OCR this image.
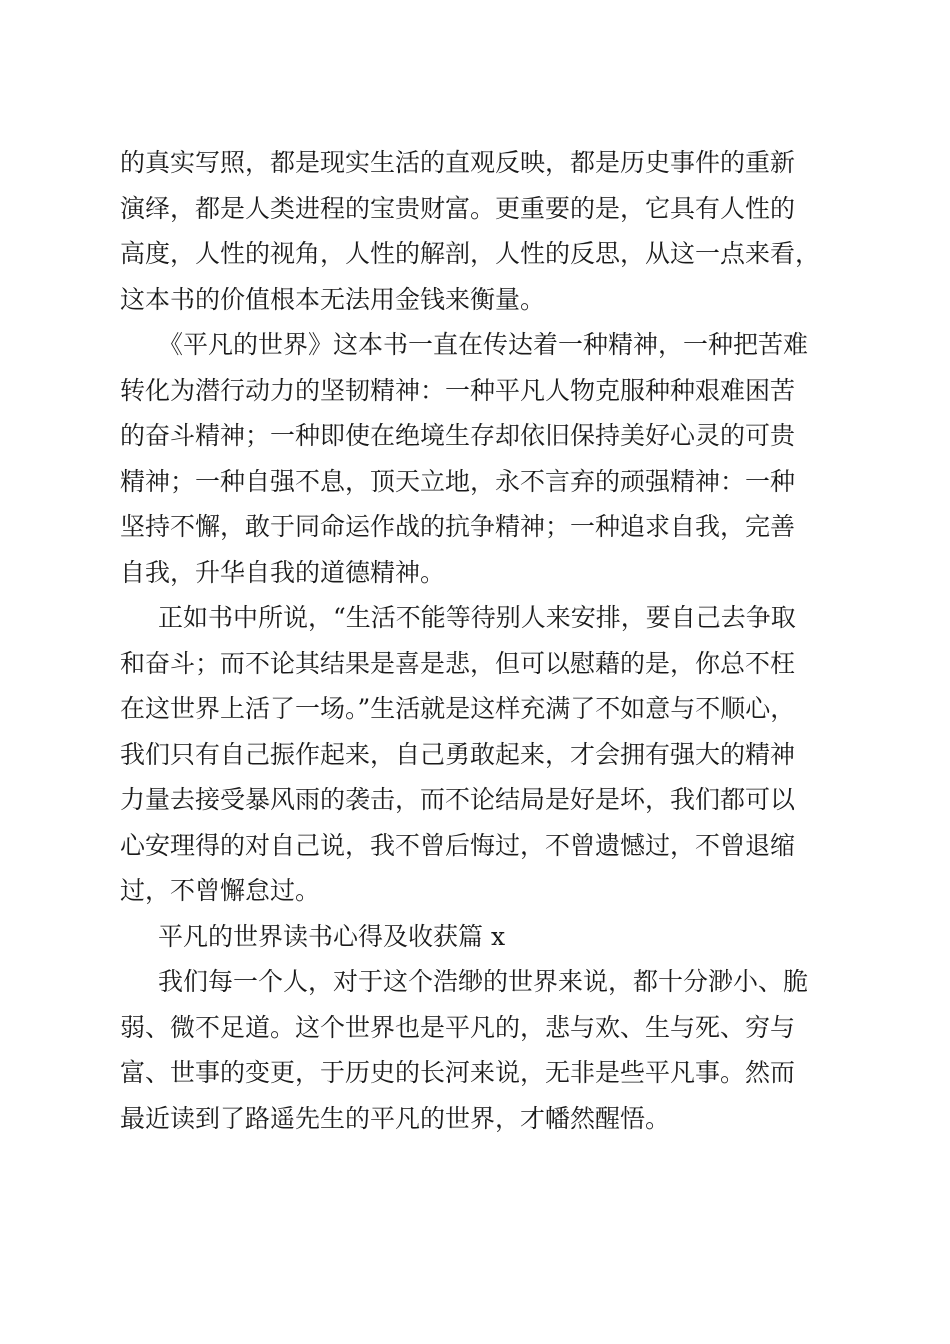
的真实写照，都是现实生活的直观反映，都是历史事件的重新
演绎，都是人类进程的宝贵财富。更重要的是，它具有人性的
高度，人性的视角，人性的解剖，人性的反思，从这一点来看，
这本书的价值根本无法用金钱来衡量。
《平凡的世界》这本书一直在传达着一种精神，一种把苦难
转化为潜行动力的坚韧精神：一种平凡人物克服种种艰难困苦
的奋斗精神；一种即使在绝境生存却依旧保持美好心灵的可贵
精神；一种自强不息，顶天立地，永不言弃的顽强精神：一种
坚持不懈，敢于同命运作战的抗争精神；一种追求自我，完善
自我，升华自我的道德精神。
正如书中所说，“生活不能等待别人来安排，要自己去争取
和奋斗；而不论其结果是喜是悲，但可以慰藉的是，你总不枉
在这世界上活了一场。”生活就是这样充满了不如意与不顺心，
我们只有自己振作起来，自己勇敢起来，才会拥有强大的精神
力量去接受暴风雨的袭击，而不论结局是好是坏，我们都可以
心安理得的对自己说，我不曾后悔过，不曾遗憾过，不曾退缩
过，不曾懈怠过。
平凡的世界读书心得及收获篇 x
我们每一个人，对于这个浩缈的世界来说，都十分渺小、脆
弱、微不足道。这个世界也是平凡的，悲与欢、生与死、穷与
富、世事的变更，于历史的长河来说，无非是些平凡事。然而
最近读到了路遥先生的平凡的世界，才幡然醒悟。
